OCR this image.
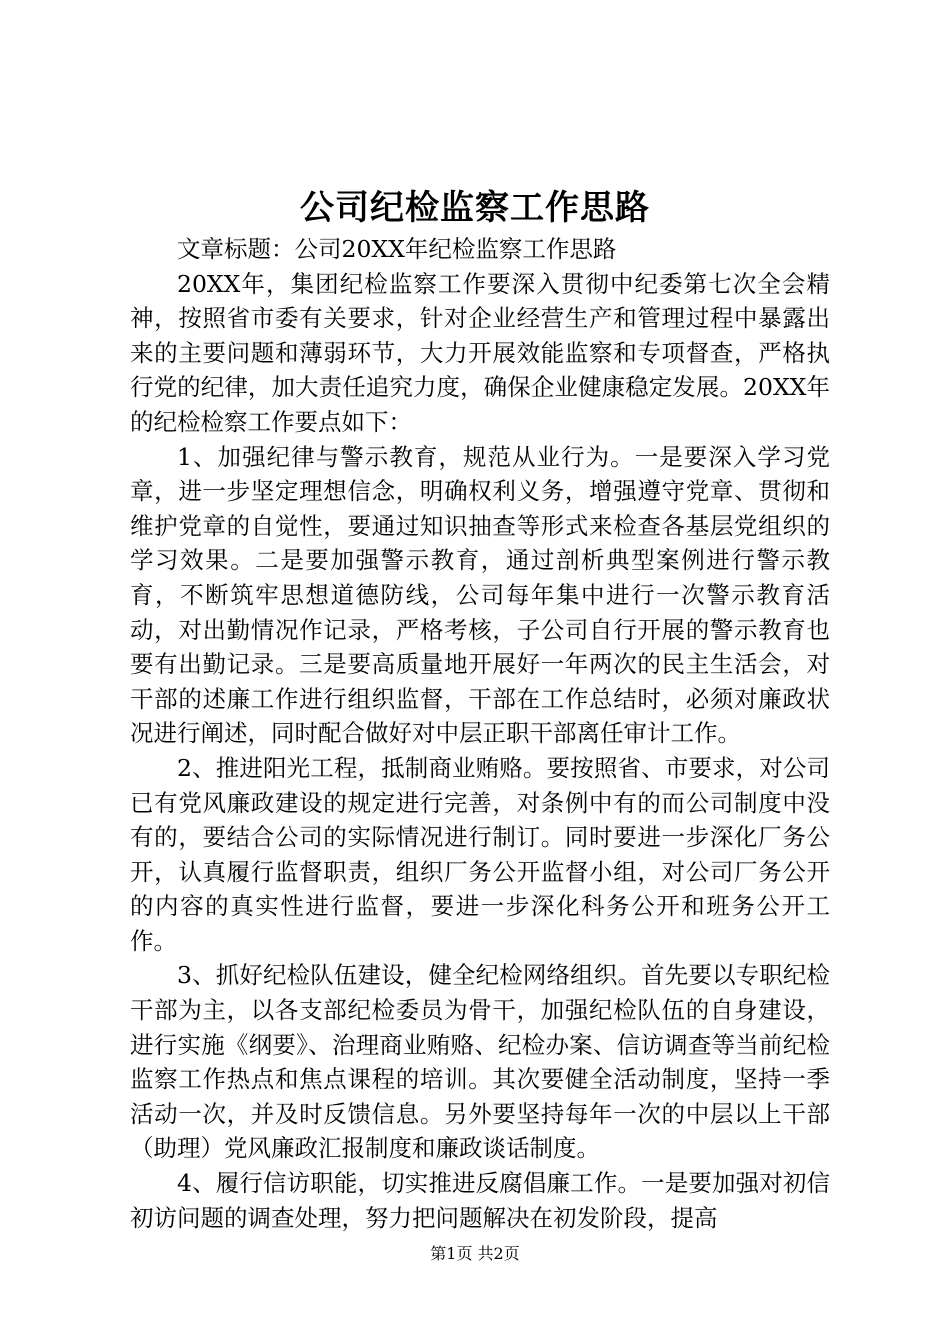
公司纪检监察工作思路

文章标题：公司20XX年纪检监察工作思路

20XX年，集团纪检监察工作要深入贯彻中纪委第七次全会精神，按照省市委有关要求，针对企业经营生产和管理过程中暴露出来的主要问题和薄弱环节，大力开展效能监察和专项督查，严格执行党的纪律，加大责任追究力度，确保企业健康稳定发展。20XX年的纪检检察工作要点如下：

1、加强纪律与警示教育，规范从业行为。一是要深入学习党章，进一步坚定理想信念，明确权利义务，增强遵守党章、贯彻和维护党章的自觉性，要通过知识抽查等形式来检查各基层党组织的学习效果。二是要加强警示教育，通过剖析典型案例进行警示教育，不断筑牢思想道德防线，公司每年集中进行一次警示教育活动，对出勤情况作记录，严格考核，子公司自行开展的警示教育也要有出勤记录。三是要高质量地开展好一年两次的民主生活会，对干部的述廉工作进行组织监督，干部在工作总结时，必须对廉政状况进行阐述，同时配合做好对中层正职干部离任审计工作。

2、推进阳光工程，抵制商业贿赂。要按照省、市要求，对公司已有党风廉政建设的规定进行完善，对条例中有的而公司制度中没有的，要结合公司的实际情况进行制订。同时要进一步深化厂务公开，认真履行监督职责，组织厂务公开监督小组，对公司厂务公开的内容的真实性进行监督，要进一步深化科务公开和班务公开工作。

3、抓好纪检队伍建设，健全纪检网络组织。首先要以专职纪检干部为主，以各支部纪检委员为骨干，加强纪检队伍的自身建设，进行实施《纲要》、治理商业贿赂、纪检办案、信访调查等当前纪检监察工作热点和焦点课程的培训。其次要健全活动制度，坚持一季活动一次，并及时反馈信息。另外要坚持每年一次的中层以上干部（助理）党风廉政汇报制度和廉政谈话制度。

4、履行信访职能，切实推进反腐倡廉工作。一是要加强对初信初访问题的调查处理，努力把问题解决在初发阶段，提高

第1页 共2页
